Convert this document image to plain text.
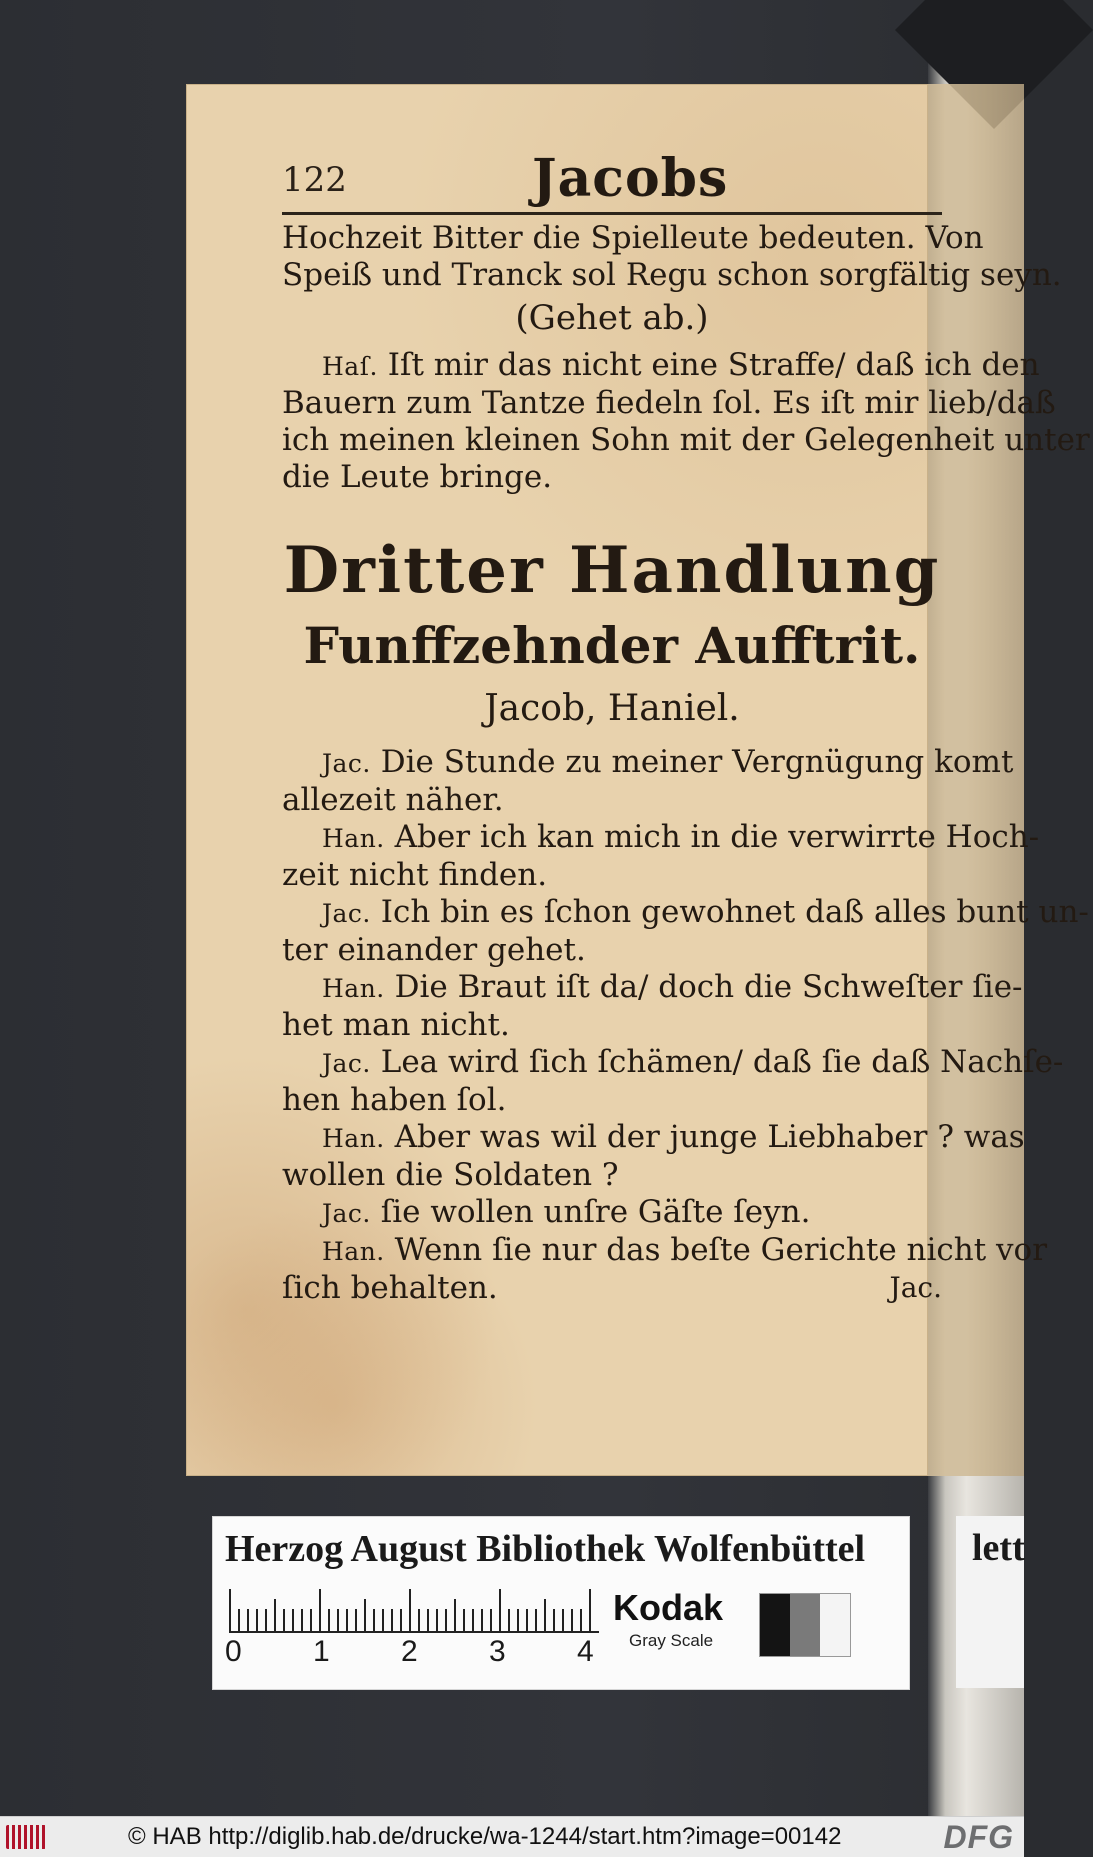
122	Jacobs
Hochzeit Bitter die Spielleute bedeuten. Von
Speiß und Tranck sol Regu schon sorgfältig seyn.
(Gehet ab.)
Haſ. Iſt mir das nicht eine Straffe/ daß ich den
Bauern zum Tantze fiedeln ſol. Es iſt mir lieb/daß
ich meinen kleinen Sohn mit der Gelegenheit unter
die Leute bringe.
Dritter Handlung
Funffzehnder Aufftrit.
Jacob, Haniel.
Jac. Die Stunde zu meiner Vergnügung komt
allezeit näher.
Han. Aber ich kan mich in die verwirrte Hoch-
zeit nicht finden.
Jac. Ich bin es ſchon gewohnet daß alles bunt un-
ter einander gehet.
Han. Die Braut iſt da/ doch die Schweſter ſie-
het man nicht.
Jac. Lea wird ſich ſchämen/ daß ſie daß Nachſe-
hen haben ſol.
Han. Aber was wil der junge Liebhaber ? was
wollen die Soldaten ?
Jac. ſie wollen unſre Gäſte ſeyn.
Han. Wenn ſie nur das beſte Gerichte nicht vor
ſich behalten.	Jac.
Herzog August Bibliothek Wolfenbüttel
0 1 2 3 4
Kodak
Gray Scale
lett
© HAB http://diglib.hab.de/drucke/wa-1244/start.htm?image=00142	DFG
